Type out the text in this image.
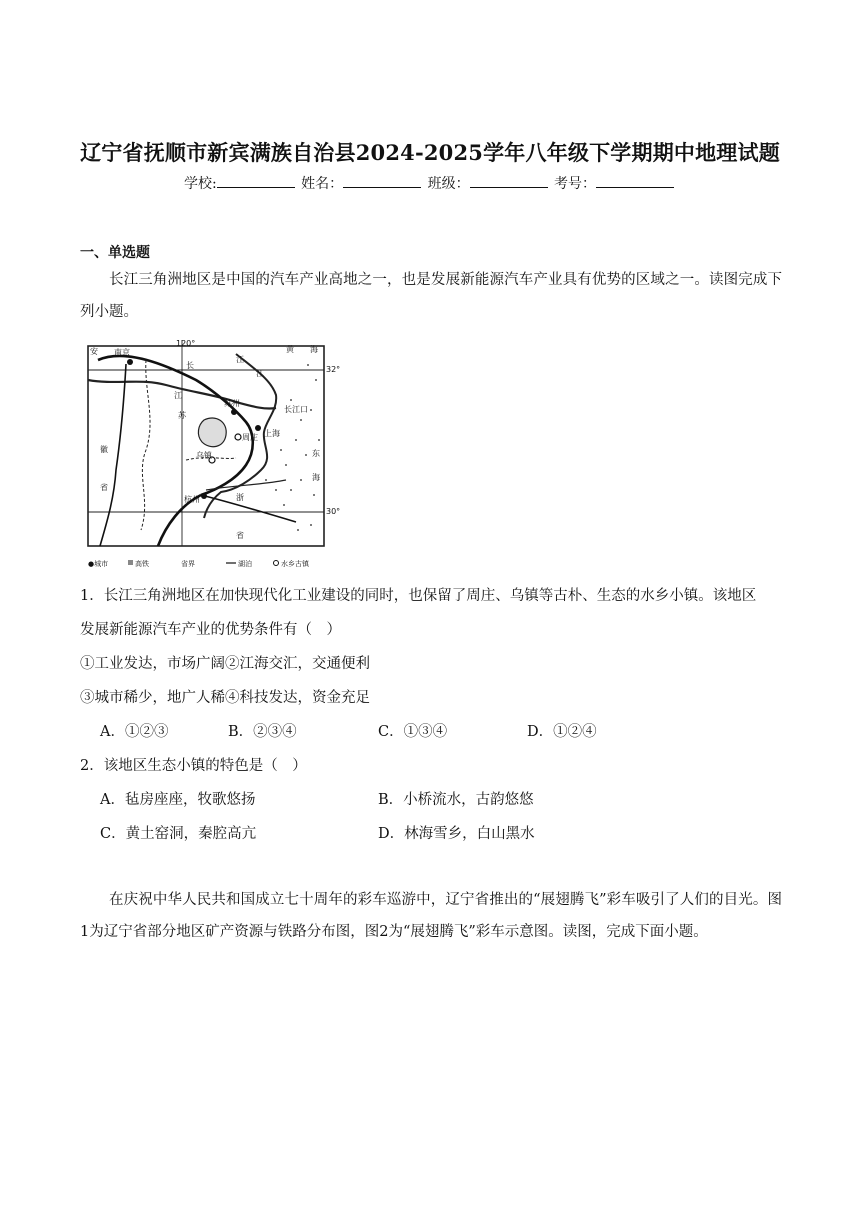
辽宁省抚顺市新宾满族自治县2024-2025学年八年级下学期期中地理试题
学校:	姓名：	班级：	考号：
一、单选题
长江三角洲地区是中国的汽车产业高地之一，也是发展新能源汽车产业具有优势的区域之一。读图完成下列小题。
120°
32°
30°
南京
苏州
长江口
周庄 上海
乌镇
杭州
安
江
苏
长
江
江
徽
省
浙
省
黄 海
东
海
●城市	高铁	省界	湖泊	水乡古镇
1．长江三角洲地区在加快现代化工业建设的同时，也保留了周庄、乌镇等古朴、生态的水乡小镇。该地区
发展新能源汽车产业的优势条件有（　）
①工业发达，市场广阔②江海交汇，交通便利
③城市稀少，地广人稀④科技发达，资金充足
A．①②③	B．②③④	C．①③④	D．①②④
2．该地区生态小镇的特色是（　）
A．毡房座座，牧歌悠扬	B．小桥流水，古韵悠悠
C．黄土窑洞，秦腔高亢	D．林海雪乡，白山黑水
在庆祝中华人民共和国成立七十周年的彩车巡游中，辽宁省推出的“展翅腾飞”彩车吸引了人们的目光。图1为辽宁省部分地区矿产资源与铁路分布图，图2为“展翅腾飞”彩车示意图。读图，完成下面小题。
